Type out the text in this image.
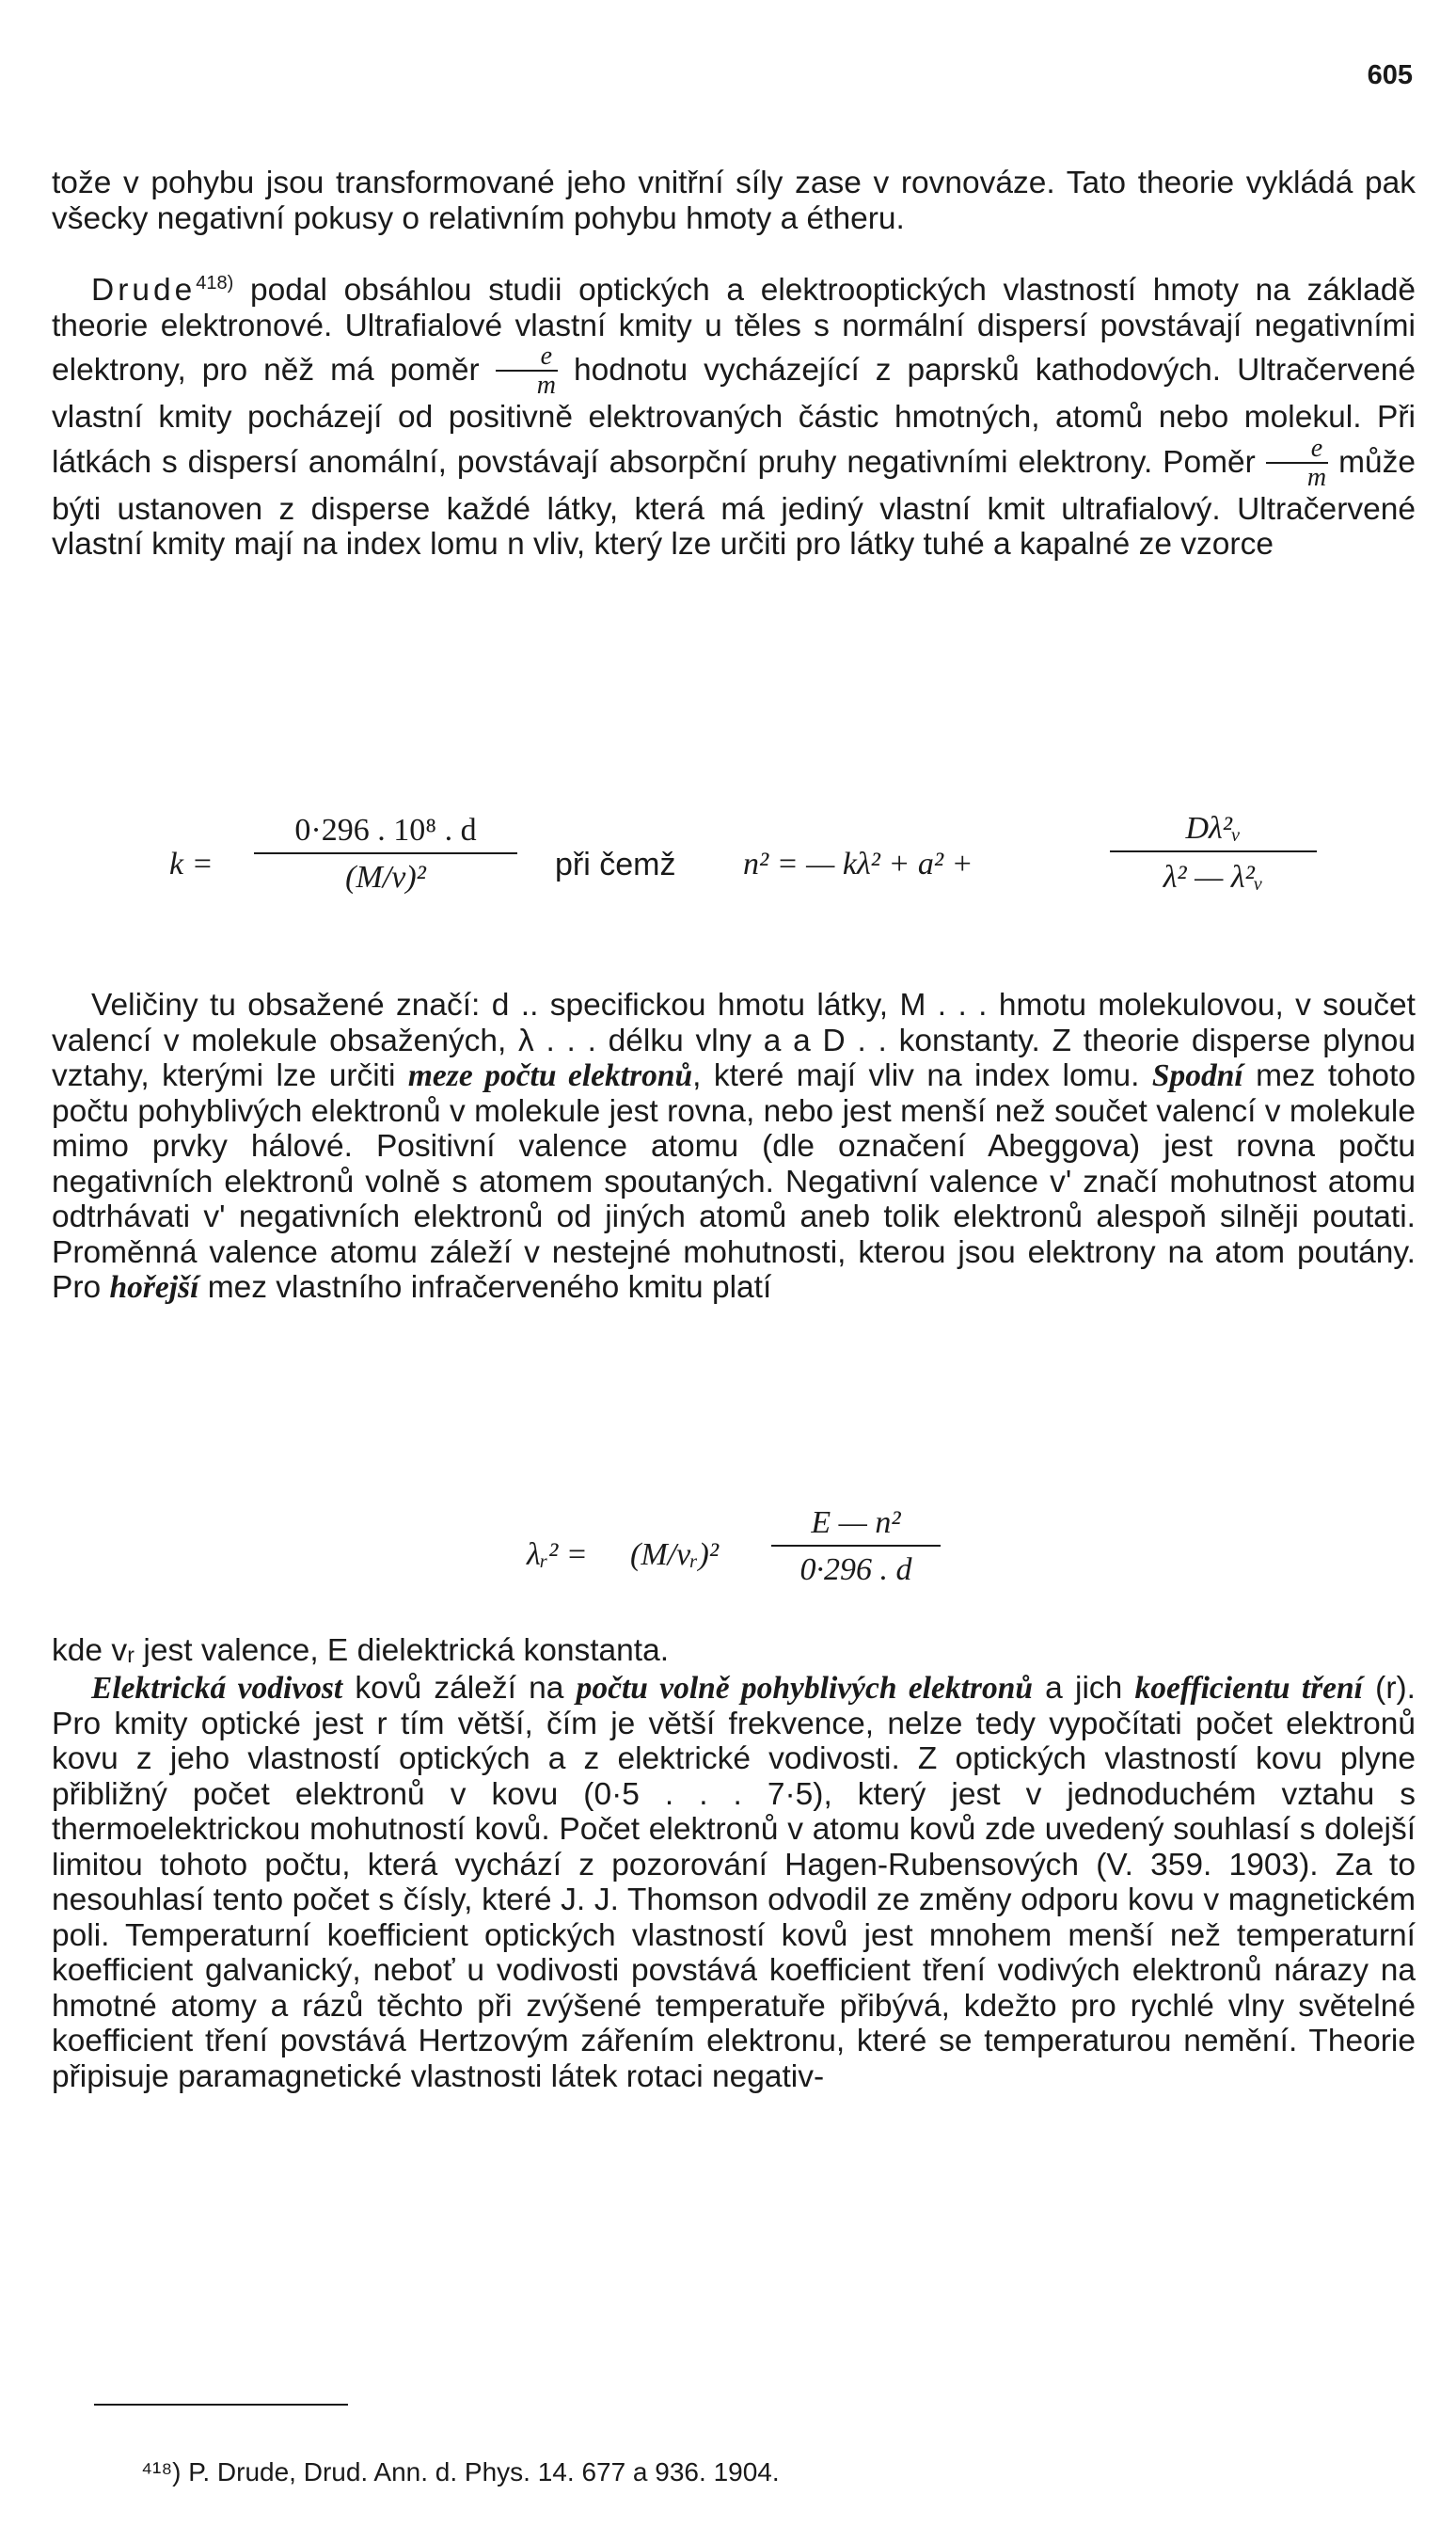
605

tože v pohybu jsou transformované jeho vnitřní síly zase v rovnováze. Tato theorie vykládá pak všecky negativní pokusy o relativním pohybu hmoty a étheru.

Drude$^{418)}$ podal obsáhlou studii optických a elektrooptických vlastností hmoty na základě theorie elektronové. Ultrafialové vlastní kmity u těles s normální dispersí povstávají negativními elektrony, pro něž má poměr $\frac{e}{m}$ hodnotu vycházející z paprsků kathodových. Ultračervené vlastní kmity pocházejí od positivně elektrovaných částic hmotných, atomů nebo molekul. Při látkách s dispersí anomální, povstávají absorpční pruhy negativními elektrony. Poměr $\frac{e}{m}$ může býti ustanoven z disperse každé látky, která má jediný vlastní kmit ultrafialový. Ultračervené vlastní kmity mají na index lomu n vliv, který lze určiti pro látky tuhé a kapalné ze vzorce

k =
0·296 . 10⁸ . d
(M/v)²	při čemž n² = — kλ² + a² +
Dλ²ᵥ
λ² — λ²ᵥ

Veličiny tu obsažené značí: d .. specifickou hmotu látky, M . . . hmotu molekulovou, v součet valencí v molekule obsažených, λ . . . délku vlny a a D . . konstanty. Z theorie disperse plynou vztahy, kterými lze určiti meze počtu elektronů, které mají vliv na index lomu. Spodní mez tohoto počtu pohyblivých elektronů v molekule jest rovna, nebo jest menší než součet valencí v molekule mimo prvky hálové. Positivní valence atomu (dle označení Abeggova) jest rovna počtu negativních elektronů volně s atomem spoutaných. Negativní valence v' značí mohutnost atomu odtrhávati v' negativních elektronů od jiných atomů aneb tolik elektronů alespoň silněji poutati. Proměnná valence atomu záleží v nestejné mohutnosti, kterou jsou elektrony na atom poutány. Pro hořejší mez vlastního infračerveného kmitu platí

λᵣ² = (M/vᵣ)²
E — n²
0·296 . d

kde vᵣ jest valence, E dielektrická konstanta.

Elektrická vodivost kovů záleží na počtu volně pohyblivých elektronů a jich koefficientu tření (r). Pro kmity optické jest r tím větší, čím je větší frekvence, nelze tedy vypočítati počet elektronů kovu z jeho vlastností optických a z elektrické vodivosti. Z optických vlastností kovu plyne přibližný počet elektronů v kovu (0·5 . . . 7·5), který jest v jednoduchém vztahu s thermoelektrickou mohutností kovů. Počet elektronů v atomu kovů zde uvedený souhlasí s dolejší limitou tohoto počtu, která vychází z pozorování Hagen-Rubensových (V. 359. 1903). Za to nesouhlasí tento počet s čísly, které J. J. Thomson odvodil ze změny odporu kovu v magnetickém poli. Temperaturní koefficient optických vlastností kovů jest mnohem menší než temperaturní koefficient galvanický, neboť u vodivosti povstává koefficient tření vodivých elektronů nárazy na hmotné atomy a rázů těchto při zvýšené temperatuře přibývá, kdežto pro rychlé vlny světelné koefficient tření povstává Hertzovým zářením elektronu, které se temperaturou nemění. Theorie připisuje paramagnetické vlastnosti látek rotaci negativ-

⁴¹⁸) P. Drude, Drud. Ann. d. Phys. 14. 677 a 936. 1904.
